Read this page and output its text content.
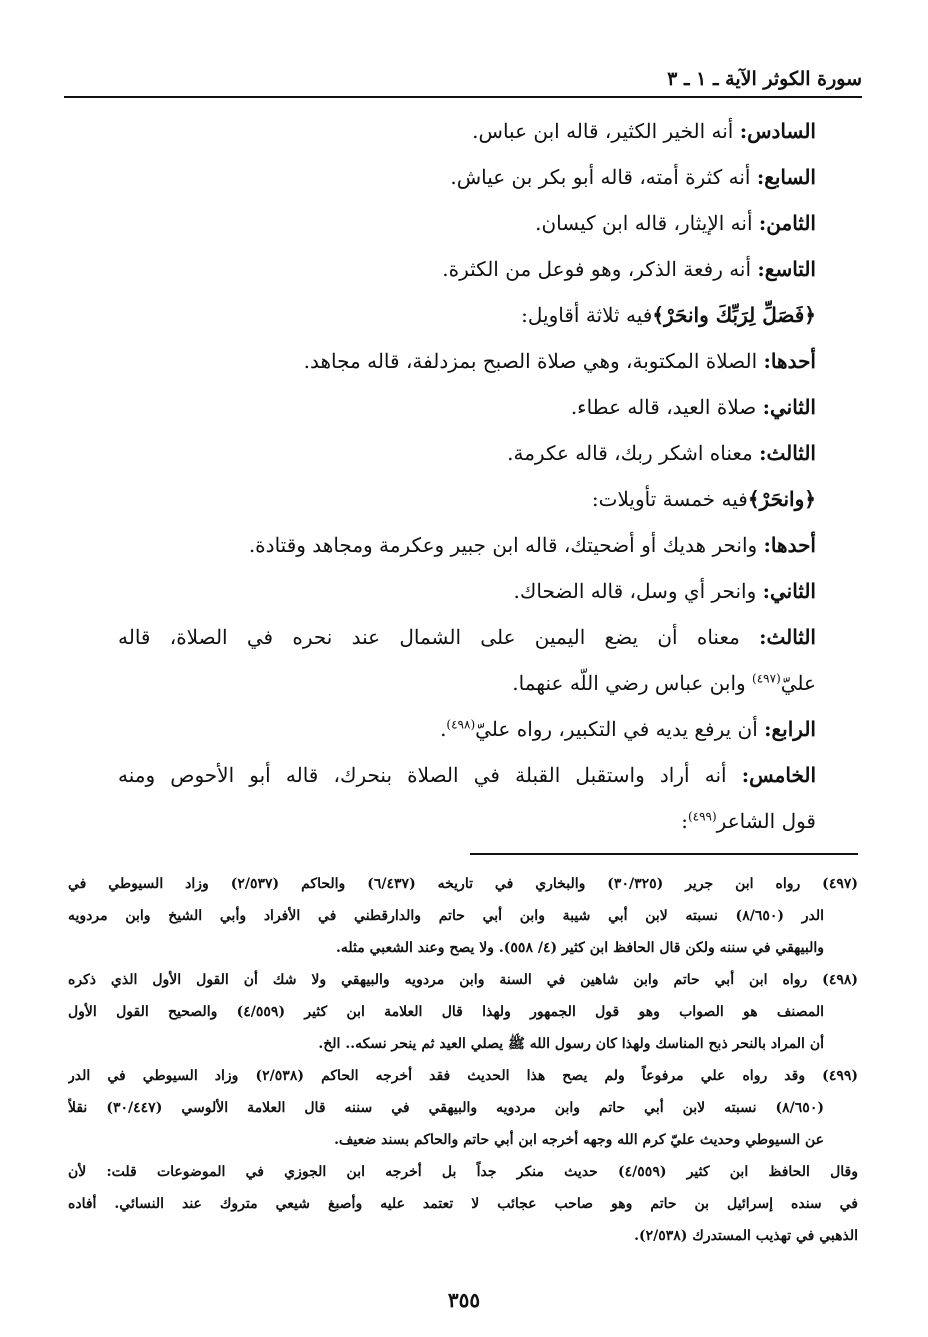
سورة الكوثر الآية ـ ١ ـ ٣
السادس: أنه الخير الكثير، قاله ابن عباس.
السابع: أنه كثرة أمته، قاله أبو بكر بن عياش.
الثامن: أنه الإيثار، قاله ابن كيسان.
التاسع: أنه رفعة الذكر، وهو فوعل من الكثرة.
﴿فَصَلِّ لِرَبِّكَ وانحَرْ﴾فيه ثلاثة أقاويل:
أحدها: الصلاة المكتوبة، وهي صلاة الصبح بمزدلفة، قاله مجاهد.
الثاني: صلاة العيد، قاله عطاء.
الثالث: معناه اشكر ربك، قاله عكرمة.
﴿وانحَرْ﴾فيه خمسة تأويلات:
أحدها: وانحر هديك أو أضحيتك، قاله ابن جبير وعكرمة ومجاهد وقتادة.
الثاني: وانحر أي وسل، قاله الضحاك.
الثالث: معناه أن يضع اليمين على الشمال عند نحره في الصلاة، قاله
عليّ$^{(٤٩٧)}$ وابن عباس رضي اللّه عنهما.
الرابع: أن يرفع يديه في التكبير، رواه عليّ$^{(٤٩٨)}$.
الخامس: أنه أراد واستقبل القبلة في الصلاة بنحرك، قاله أبو الأحوص ومنه
قول الشاعر$^{(٤٩٩)}$:
(٤٩٧) رواه ابن جرير (٣٠/٣٢٥) والبخاري في تاريخه (٦/٤٣٧) والحاكم (٢/٥٣٧) وزاد السيوطي في
الدر (٨/٦٥٠) نسبته لابن أبي شيبة وابن أبي حاتم والدارقطني في الأفراد وأبي الشيخ وابن مردويه
والبيهقي في سننه ولكن قال الحافظ ابن كثير (٤/ ٥٥٨). ولا يصح وعند الشعبي مثله.
(٤٩٨) رواه ابن أبي حاتم وابن شاهين في السنة وابن مردويه والبيهقي ولا شك أن القول الأول الذي ذكره
المصنف هو الصواب وهو قول الجمهور ولهذا قال العلامة ابن كثير (٤/٥٥٩) والصحيح القول الأول
أن المراد بالنحر ذبح المناسك ولهذا كان رسول الله ﷺ يصلي العيد ثم ينحر نسكه.. الخ.
(٤٩٩) وقد رواه علي مرفوعاً ولم يصح هذا الحديث فقد أخرجه الحاكم (٢/٥٣٨) وزاد السيوطي في الدر
(٨/٦٥٠) نسبته لابن أبي حاتم وابن مردويه والبيهقي في سننه قال العلامة الألوسي (٣٠/٤٤٧) نقلاً
عن السيوطي وحديث عليّ كرم الله وجهه أخرجه ابن أبي حاتم والحاكم بسند ضعيف.
وقال الحافظ ابن كثير (٤/٥٥٩) حديث منكر جداً بل أخرجه ابن الجوزي في الموضوعات قلت: لأن
في سنده إسرائيل بن حاتم وهو صاحب عجائب لا تعتمد عليه وأصبغ شيعي متروك عند النسائي. أفاده
الذهبي في تهذيب المستدرك (٢/٥٣٨).
٣٥٥
